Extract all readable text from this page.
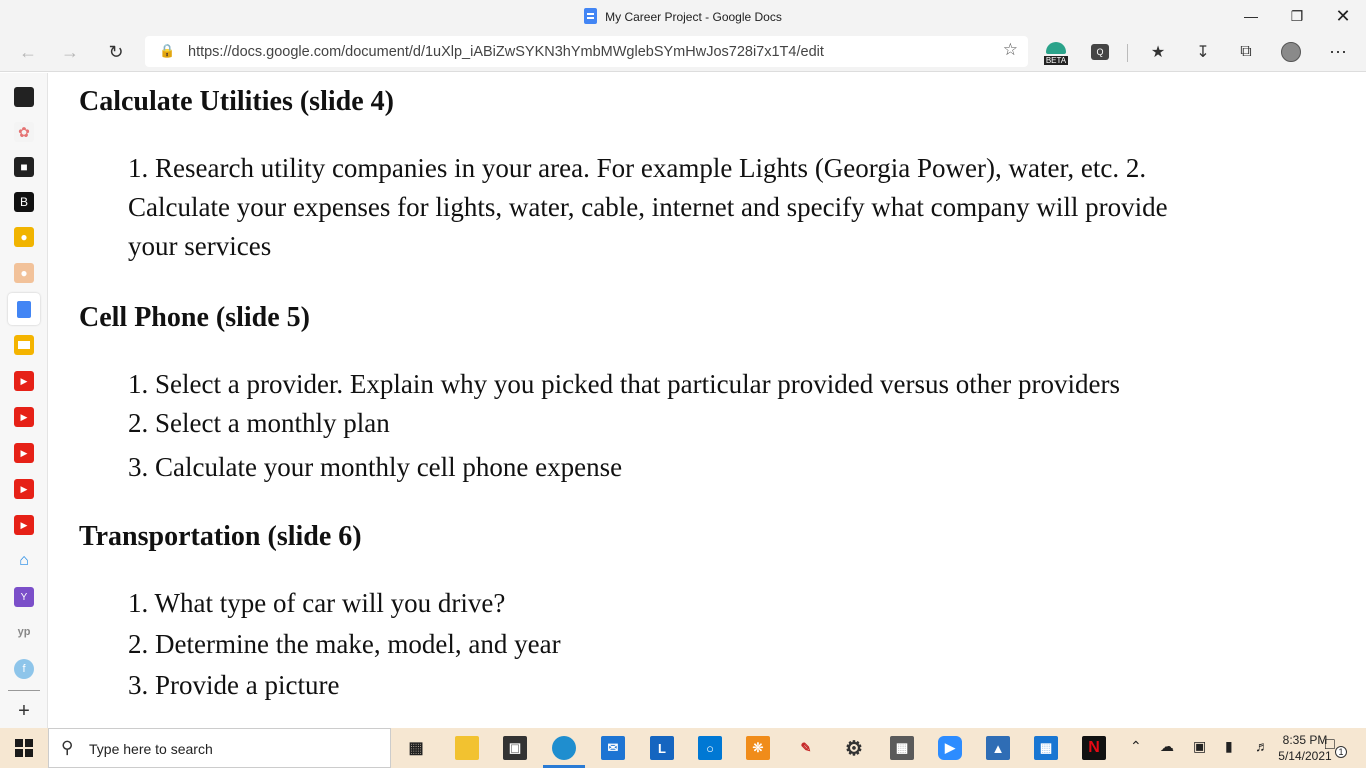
My Career Project - Google Docs	—	❐	✕
← →	↻	🔒 https://docs.google.com/document/d/1uXlp_iABiZwSYKN3hYmbMWglebSYmHwJos728i7x1T4/edit	☆
BETA
Q	★	↧	⧉	⋯
✿
■
B
●
●
▶
▶
▶
▶
▶
⌂
Y
yp
f
+
Calculate Utilities (slide 4)
1. Research utility companies in your area. For example Lights (Georgia Power), water, etc. 2.
Calculate your expenses for lights, water, cable, internet and specify what company will provide
your services
Cell Phone (slide 5)
1. Select a provider. Explain why you picked that particular provided versus other providers
2. Select a monthly plan
3. Calculate your monthly cell phone expense
Transportation (slide 6)
1. What type of car will you drive?
2. Determine the make, model, and year
3. Provide a picture
⚲ Type here to search	▦	▣	✉	L	○	❊	✎ ⚙	▦	▶	▲	▦ N ⌃ ☁ ▣ ▮ ♬	8:35 PM
5/14/2021
□ 1
